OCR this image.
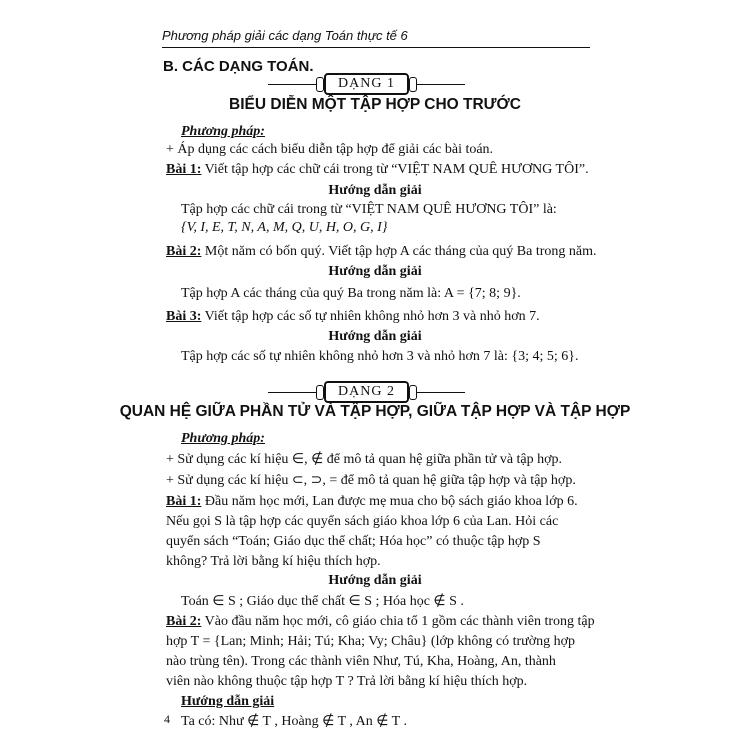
Phương pháp giải các dạng Toán thực tế 6
B. CÁC DẠNG TOÁN.
DẠNG 1
BIỂU DIỄN MỘT TẬP HỢP CHO TRƯỚC
Phương pháp:
+ Áp dụng các cách biểu diễn tập hợp để giải các bài toán.
Bài 1: Viết tập hợp các chữ cái trong từ “VIỆT NAM QUÊ HƯƠNG TÔI”.
Hướng dẫn giải
Tập hợp các chữ cái trong từ “VIỆT NAM QUÊ HƯƠNG TÔI” là:
{V, I, E, T, N, A, M, Q, U, H, O, G, I}
Bài 2: Một năm có bốn quý. Viết tập hợp A các tháng của quý Ba trong năm.
Hướng dẫn giải
Tập hợp A các tháng của quý Ba trong năm là: A = {7; 8; 9}.
Bài 3: Viết tập hợp các số tự nhiên không nhỏ hơn 3 và nhỏ hơn 7.
Hướng dẫn giải
Tập hợp các số tự nhiên không nhỏ hơn 3 và nhỏ hơn 7 là: {3; 4; 5; 6}.
DẠNG 2
QUAN HỆ GIỮA PHẦN TỬ VÀ TẬP HỢP, GIỮA TẬP HỢP VÀ TẬP HỢP
Phương pháp:
+ Sử dụng các kí hiệu ∈, ∉ để mô tả quan hệ giữa phần tử và tập hợp.
+ Sử dụng các kí hiệu ⊂, ⊃, = để mô tả quan hệ giữa tập hợp và tập hợp.
Bài 1: Đầu năm học mới, Lan được mẹ mua cho bộ sách giáo khoa lớp 6.
Nếu gọi S là tập hợp các quyển sách giáo khoa lớp 6 của Lan. Hỏi các
quyển sách “Toán; Giáo dục thể chất; Hóa học” có thuộc tập hợp S
không? Trả lời bằng kí hiệu thích hợp.
Hướng dẫn giải
Toán ∈ S ; Giáo dục thể chất ∈ S ; Hóa học ∉ S .
Bài 2: Vào đầu năm học mới, cô giáo chia tổ 1 gồm các thành viên trong tập
hợp T = {Lan; Minh; Hải; Tú; Kha; Vy; Châu} (lớp không có trường hợp
nào trùng tên). Trong các thành viên Như, Tú, Kha, Hoàng, An, thành
viên nào không thuộc tập hợp T ? Trả lời bằng kí hiệu thích hợp.
Hướng dẫn giải
Ta có: Như ∉ T , Hoàng ∉ T , An ∉ T .
4
